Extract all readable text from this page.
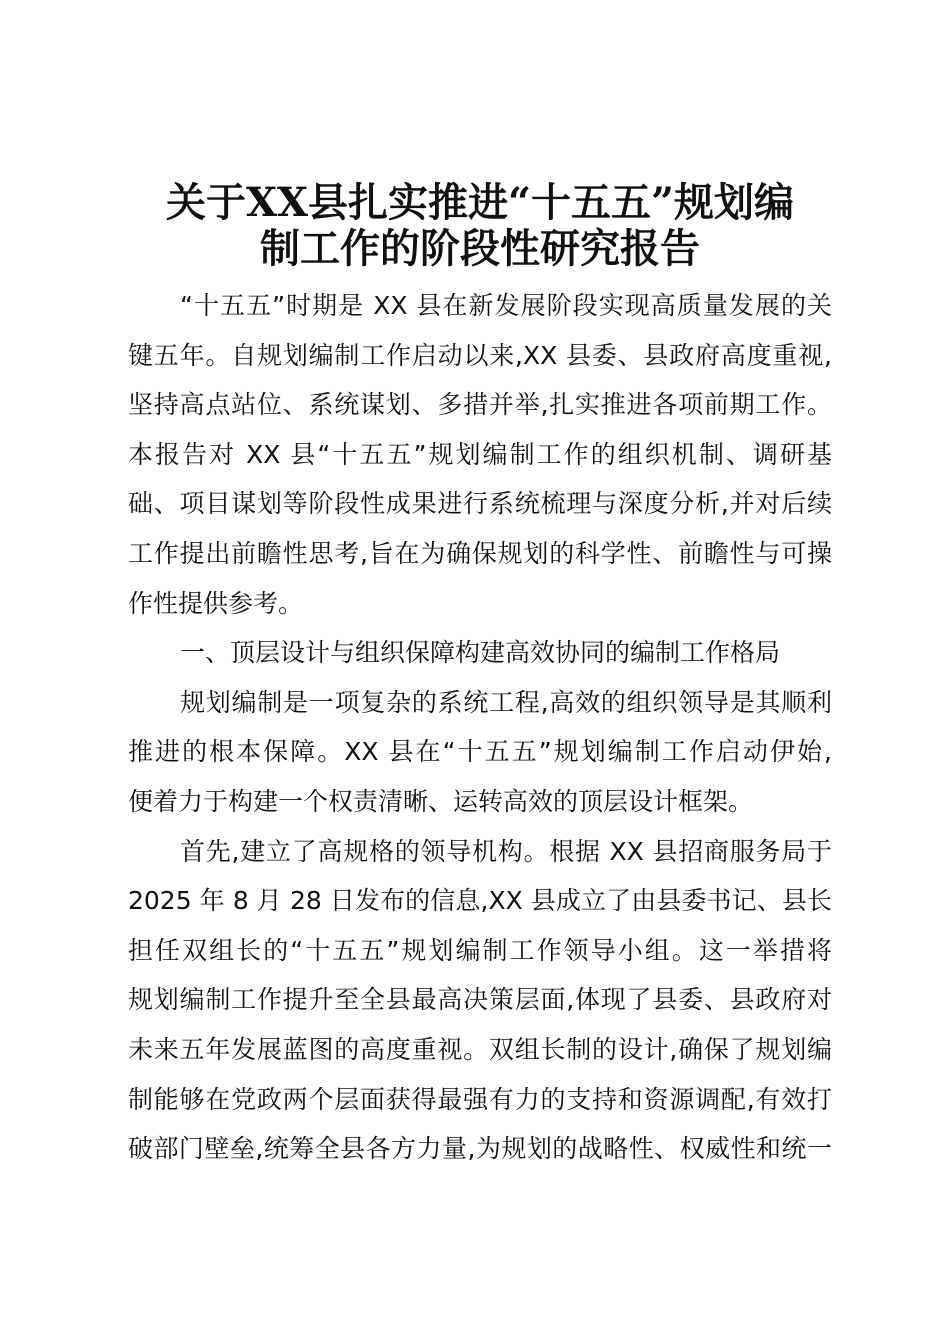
关于XX县扎实推进“十五五”规划编
制工作的阶段性研究报告
“十五五”时期是 XX 县在新发展阶段实现高质量发展的关
键五年。自规划编制工作启动以来,XX 县委、县政府高度重视,
坚持高点站位、系统谋划、多措并举,扎实推进各项前期工作。
本报告对 XX 县“十五五”规划编制工作的组织机制、调研基
础、项目谋划等阶段性成果进行系统梳理与深度分析,并对后续
工作提出前瞻性思考,旨在为确保规划的科学性、前瞻性与可操
作性提供参考。
一、顶层设计与组织保障构建高效协同的编制工作格局
规划编制是一项复杂的系统工程,高效的组织领导是其顺利
推进的根本保障。XX 县在“十五五”规划编制工作启动伊始,
便着力于构建一个权责清晰、运转高效的顶层设计框架。
首先,建立了高规格的领导机构。根据 XX 县招商服务局于
2025 年 8 月 28 日发布的信息,XX 县成立了由县委书记、县长
担任双组长的“十五五”规划编制工作领导小组。这一举措将
规划编制工作提升至全县最高决策层面,体现了县委、县政府对
未来五年发展蓝图的高度重视。双组长制的设计,确保了规划编
制能够在党政两个层面获得最强有力的支持和资源调配,有效打
破部门壁垒,统筹全县各方力量,为规划的战略性、权威性和统一
